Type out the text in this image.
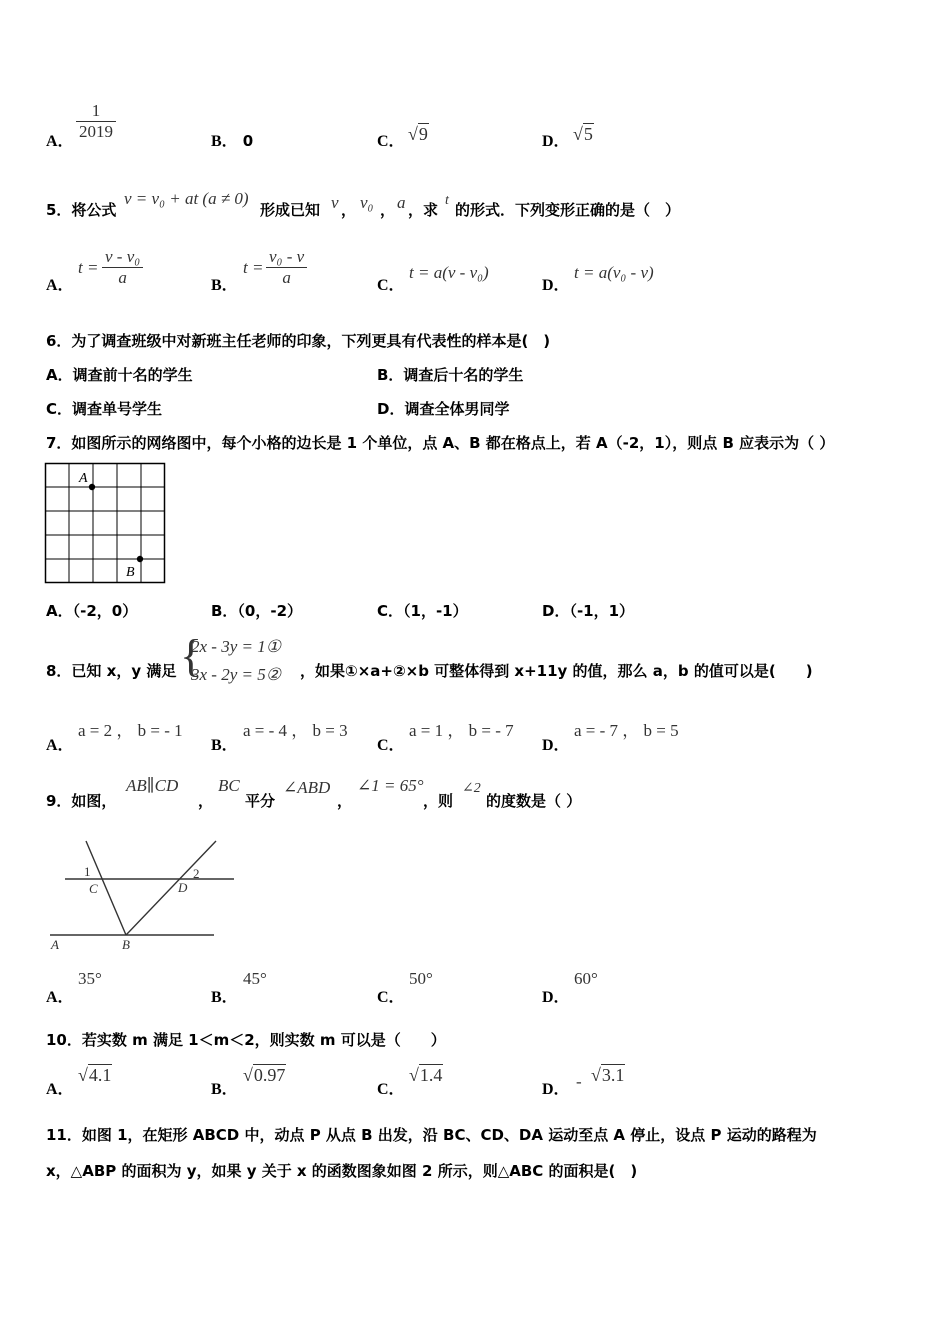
A． $\frac{1}{2019}$	B． 0	C． √9	D． √5
5．将公式
v = v₀ + at (a ≠ 0)
形成已知 v ， v₀ ， a ，求
t
的形式．下列变形正确的是（　）
A．
$t = \frac{\text{v - v₀}}{a}$	B．
$t = \frac{\text{v₀ - v}}{a}$	C．
t = a(v - v₀)
D．
t = a(v₀ - v)
6．为了调查班级中对新班主任老师的印象，下列更具有代表性的样本是(　)
A．调查前十名的学生	B．调查后十名的学生
C．调查单号学生	D．调查全体男同学
7．如图所示的网络图中，每个小格的边长是 1 个单位，点 A、B 都在格点上，若 A（-2，1），则点 B 应表示为（ ）
A
B
A．（-2，0）	B．（0，-2）	C．（1，-1）	D．（-1，1）
8．已知 x，y 满足 {
2x - 3y = 1①
3x - 2y = 5② ，如果①×a+②×b 可整体得到 x+11y 的值，那么 a，b 的值可以是(　　)
A．
a = 2 ， b = - 1
B．
a = - 4 ， b = 3
C．
a = 1 ， b = - 7
D．
a = - 7 ， b = 5
9．如图，
AB∥CD
，
BC
平分
∠ABD
，
∠1 = 65°
，则
∠2
的度数是（ ）
1
C
2
D
A	B
A．
35°
B．
45°
C．
50°
D．
60°
10．若实数 m 满足 1＜m＜2，则实数 m 可以是（　　）
A．
√4.1
B．
√0.97
C．
√1.4
D． - √3.1
11．如图 1，在矩形 ABCD 中，动点 P 从点 B 出发，沿 BC、CD、DA 运动至点 A 停止，设点 P 运动的路程为
x，△ABP 的面积为 y，如果 y 关于 x 的函数图象如图 2 所示，则△ABC 的面积是(　)
